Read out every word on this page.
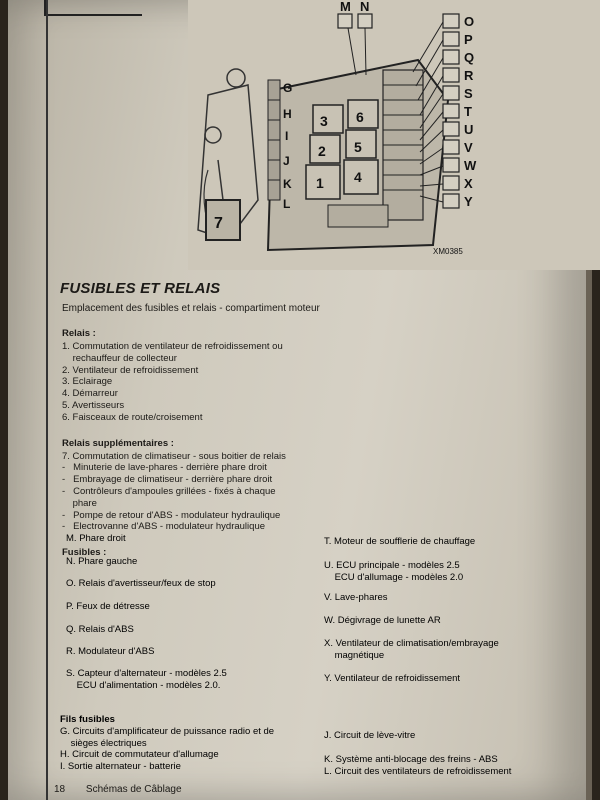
7
3 6
2 5
1 4
O
P
Q
R
S
T
U
V
W
X
Y
M N
G
H
I
J
K
L
XM0385
FUSIBLES ET RELAIS
Emplacement des fusibles et relais - compartiment moteur
Relais :
1. Commutation de ventilateur de refroidissement ou
rechauffeur de collecteur
2. Ventilateur de refroidissement
3. Eclairage
4. Démarreur
5. Avertisseurs
6. Faisceaux de route/croisement
Relais supplémentaires :
7. Commutation de climatiseur - sous boitier de relais
-   Minuterie de lave-phares - derrière phare droit
-   Embrayage de climatiseur - derrière phare droit
-   Contrôleurs d'ampoules grillées - fixés à chaque
phare
-   Pompe de retour d'ABS - modulateur hydraulique
-   Electrovanne d'ABS - modulateur hydraulique
Fusibles :
M. Phare droit
N. Phare gauche
O. Relais d'avertisseur/feux de stop
P. Feux de détresse
Q. Relais d'ABS
R. Modulateur d'ABS
S. Capteur d'alternateur - modèles 2.5
ECU d'alimentation - modèles 2.0.
T. Moteur de soufflerie de chauffage
U. ECU principale - modèles 2.5
ECU d'allumage - modèles 2.0
V. Lave-phares
W. Dégivrage de lunette AR
X. Ventilateur de climatisation/embrayage
magnétique
Y. Ventilateur de refroidissement
Fils fusibles
G. Circuits d'amplificateur de puissance radio et de
sièges électriques
H. Circuit de commutateur d'allumage
I. Sortie alternateur - batterie
J. Circuit de lève-vitre
K. Système anti-blocage des freins - ABS
L. Circuit des ventilateurs de refroidissement
18 Schémas de Câblage
